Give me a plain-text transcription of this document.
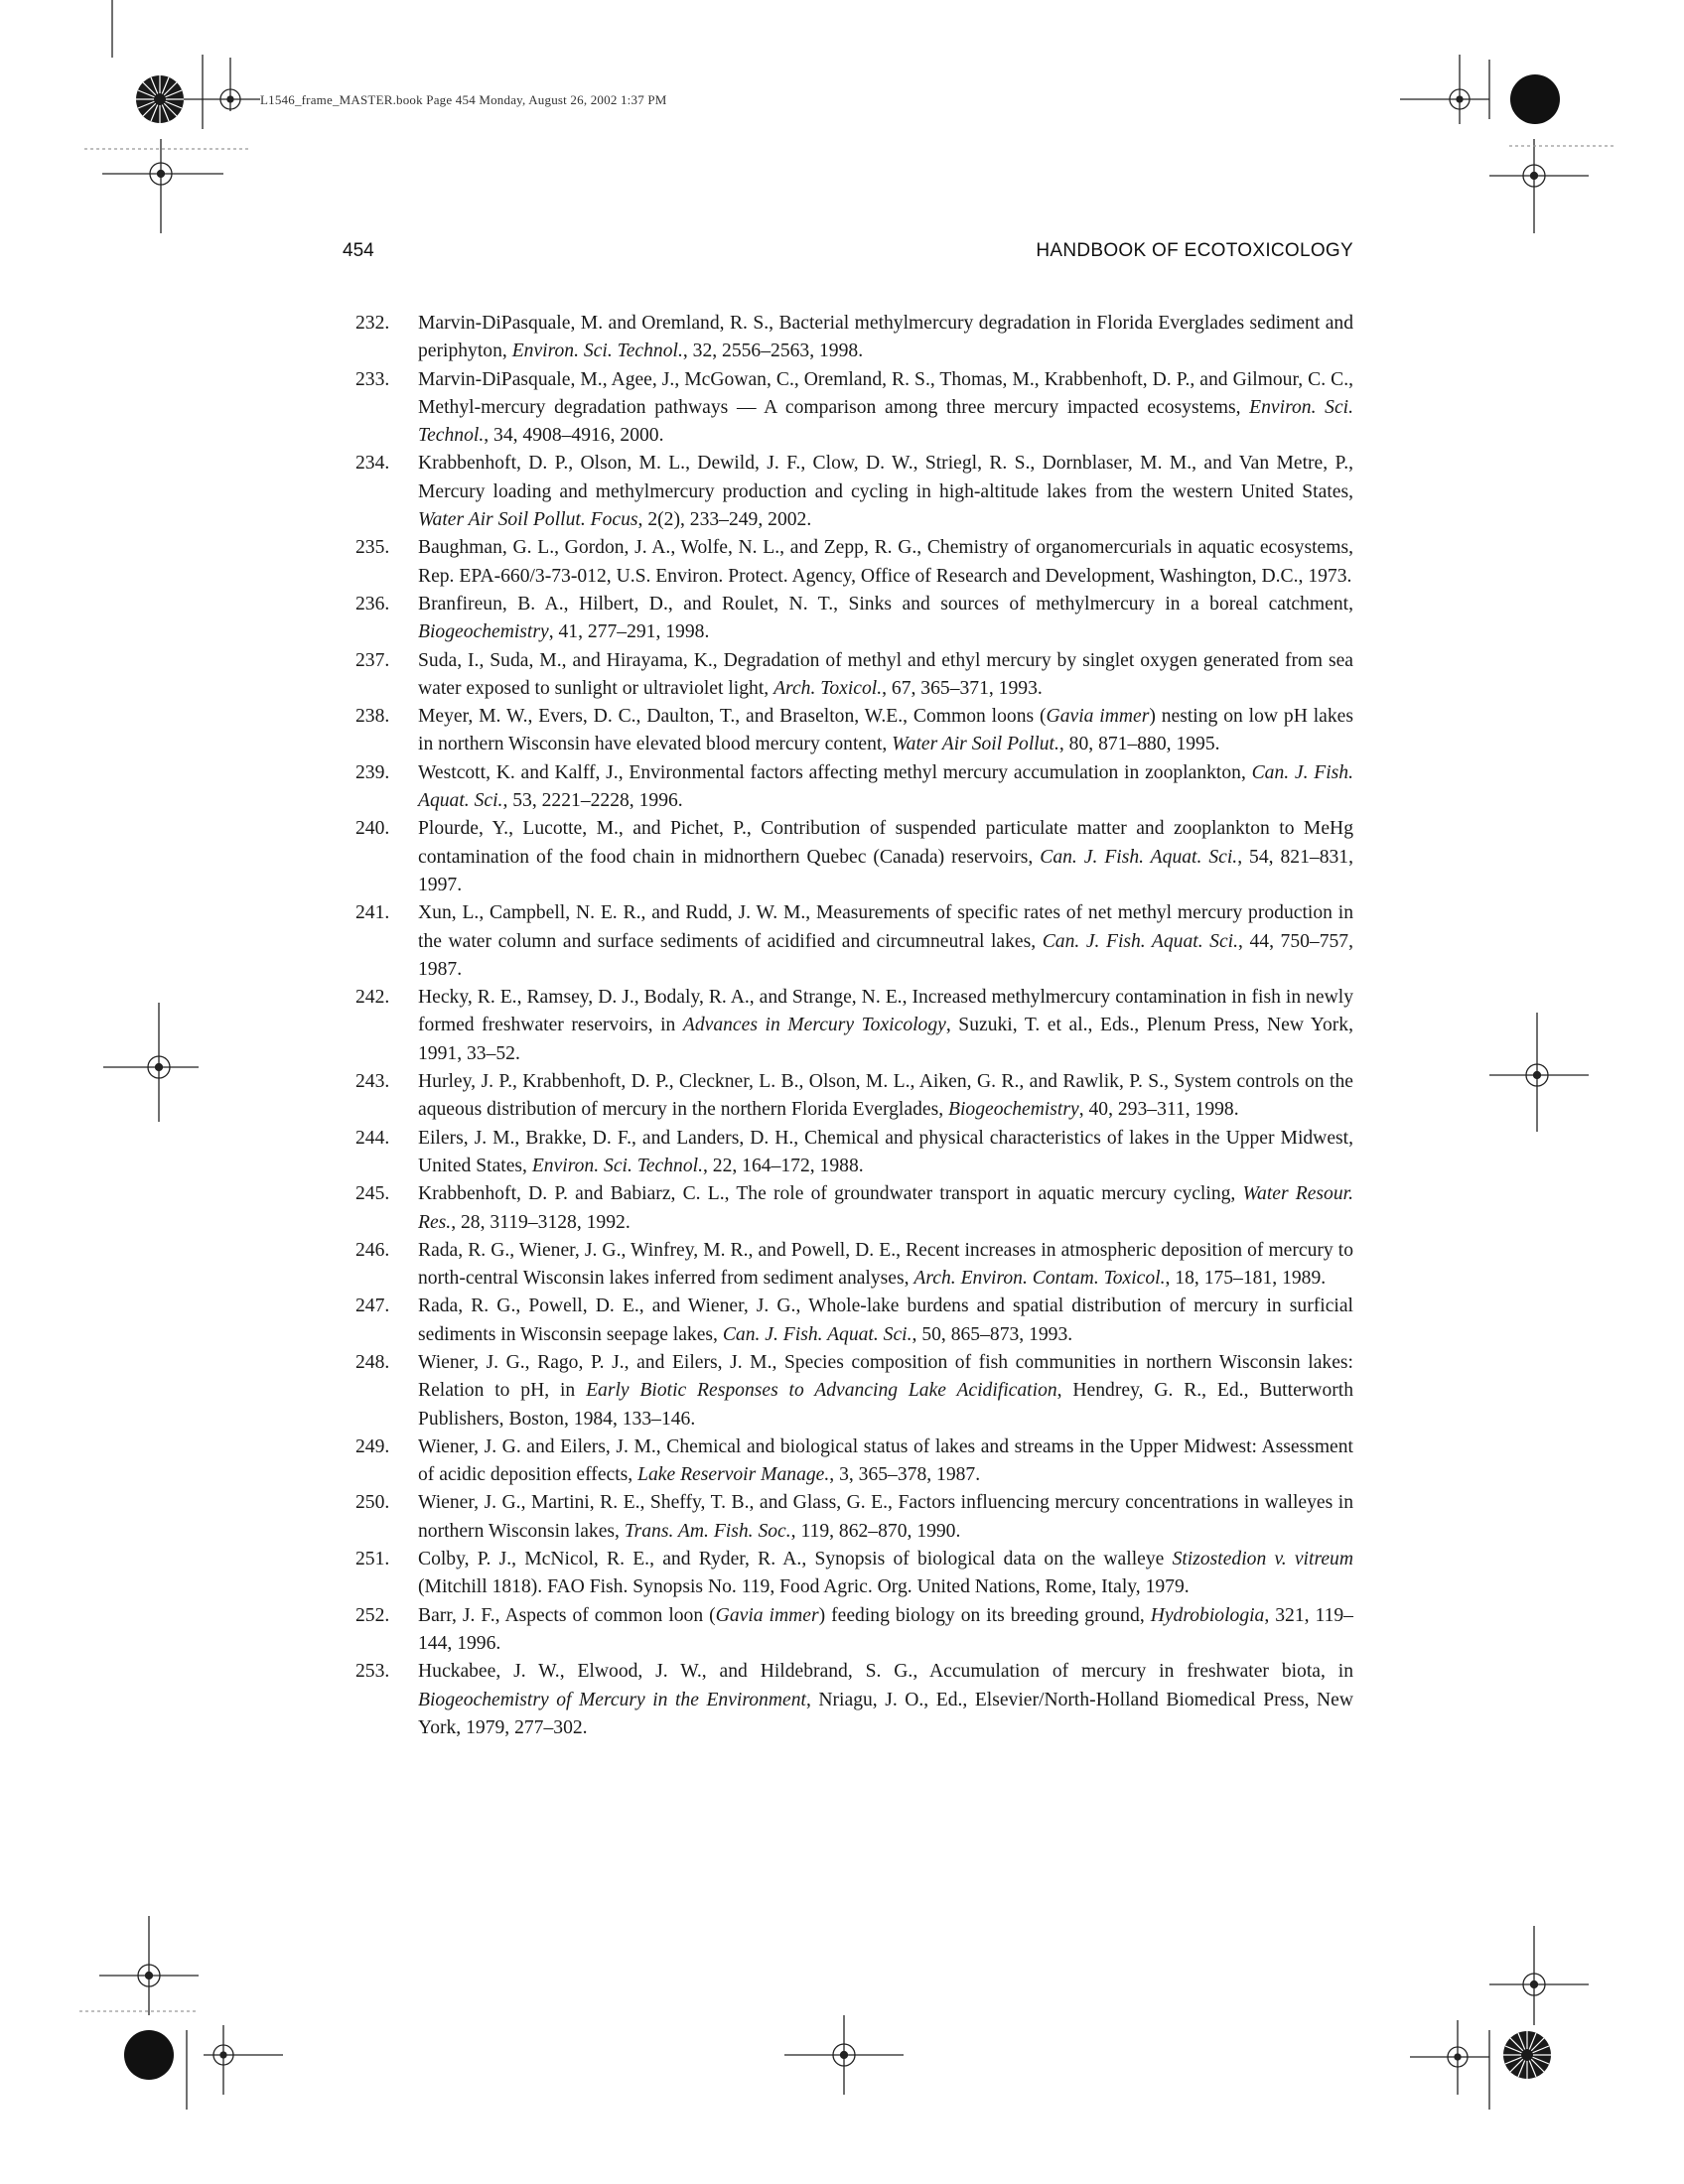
L1546_frame_MASTER.book Page 454 Monday, August 26, 2002 1:37 PM
454	HANDBOOK OF ECOTOXICOLOGY
232. Marvin-DiPasquale, M. and Oremland, R. S., Bacterial methylmercury degradation in Florida Everglades sediment and periphyton, Environ. Sci. Technol., 32, 2556–2563, 1998.
233. Marvin-DiPasquale, M., Agee, J., McGowan, C., Oremland, R. S., Thomas, M., Krabbenhoft, D. P., and Gilmour, C. C., Methyl-mercury degradation pathways — A comparison among three mercury impacted ecosystems, Environ. Sci. Technol., 34, 4908–4916, 2000.
234. Krabbenhoft, D. P., Olson, M. L., Dewild, J. F., Clow, D. W., Striegl, R. S., Dornblaser, M. M., and Van Metre, P., Mercury loading and methylmercury production and cycling in high-altitude lakes from the western United States, Water Air Soil Pollut. Focus, 2(2), 233–249, 2002.
235. Baughman, G. L., Gordon, J. A., Wolfe, N. L., and Zepp, R. G., Chemistry of organomercurials in aquatic ecosystems, Rep. EPA-660/3-73-012, U.S. Environ. Protect. Agency, Office of Research and Development, Washington, D.C., 1973.
236. Branfireun, B. A., Hilbert, D., and Roulet, N. T., Sinks and sources of methylmercury in a boreal catchment, Biogeochemistry, 41, 277–291, 1998.
237. Suda, I., Suda, M., and Hirayama, K., Degradation of methyl and ethyl mercury by singlet oxygen generated from sea water exposed to sunlight or ultraviolet light, Arch. Toxicol., 67, 365–371, 1993.
238. Meyer, M. W., Evers, D. C., Daulton, T., and Braselton, W.E., Common loons (Gavia immer) nesting on low pH lakes in northern Wisconsin have elevated blood mercury content, Water Air Soil Pollut., 80, 871–880, 1995.
239. Westcott, K. and Kalff, J., Environmental factors affecting methyl mercury accumulation in zooplankton, Can. J. Fish. Aquat. Sci., 53, 2221–2228, 1996.
240. Plourde, Y., Lucotte, M., and Pichet, P., Contribution of suspended particulate matter and zooplankton to MeHg contamination of the food chain in midnorthern Quebec (Canada) reservoirs, Can. J. Fish. Aquat. Sci., 54, 821–831, 1997.
241. Xun, L., Campbell, N. E. R., and Rudd, J. W. M., Measurements of specific rates of net methyl mercury production in the water column and surface sediments of acidified and circumneutral lakes, Can. J. Fish. Aquat. Sci., 44, 750–757, 1987.
242. Hecky, R. E., Ramsey, D. J., Bodaly, R. A., and Strange, N. E., Increased methylmercury contamination in fish in newly formed freshwater reservoirs, in Advances in Mercury Toxicology, Suzuki, T. et al., Eds., Plenum Press, New York, 1991, 33–52.
243. Hurley, J. P., Krabbenhoft, D. P., Cleckner, L. B., Olson, M. L., Aiken, G. R., and Rawlik, P. S., System controls on the aqueous distribution of mercury in the northern Florida Everglades, Biogeochemistry, 40, 293–311, 1998.
244. Eilers, J. M., Brakke, D. F., and Landers, D. H., Chemical and physical characteristics of lakes in the Upper Midwest, United States, Environ. Sci. Technol., 22, 164–172, 1988.
245. Krabbenhoft, D. P. and Babiarz, C. L., The role of groundwater transport in aquatic mercury cycling, Water Resour. Res., 28, 3119–3128, 1992.
246. Rada, R. G., Wiener, J. G., Winfrey, M. R., and Powell, D. E., Recent increases in atmospheric deposition of mercury to north-central Wisconsin lakes inferred from sediment analyses, Arch. Environ. Contam. Toxicol., 18, 175–181, 1989.
247. Rada, R. G., Powell, D. E., and Wiener, J. G., Whole-lake burdens and spatial distribution of mercury in surficial sediments in Wisconsin seepage lakes, Can. J. Fish. Aquat. Sci., 50, 865–873, 1993.
248. Wiener, J. G., Rago, P. J., and Eilers, J. M., Species composition of fish communities in northern Wisconsin lakes: Relation to pH, in Early Biotic Responses to Advancing Lake Acidification, Hendrey, G. R., Ed., Butterworth Publishers, Boston, 1984, 133–146.
249. Wiener, J. G. and Eilers, J. M., Chemical and biological status of lakes and streams in the Upper Midwest: Assessment of acidic deposition effects, Lake Reservoir Manage., 3, 365–378, 1987.
250. Wiener, J. G., Martini, R. E., Sheffy, T. B., and Glass, G. E., Factors influencing mercury concentrations in walleyes in northern Wisconsin lakes, Trans. Am. Fish. Soc., 119, 862–870, 1990.
251. Colby, P. J., McNicol, R. E., and Ryder, R. A., Synopsis of biological data on the walleye Stizostedion v. vitreum (Mitchill 1818). FAO Fish. Synopsis No. 119, Food Agric. Org. United Nations, Rome, Italy, 1979.
252. Barr, J. F., Aspects of common loon (Gavia immer) feeding biology on its breeding ground, Hydrobiologia, 321, 119–144, 1996.
253. Huckabee, J. W., Elwood, J. W., and Hildebrand, S. G., Accumulation of mercury in freshwater biota, in Biogeochemistry of Mercury in the Environment, Nriagu, J. O., Ed., Elsevier/North-Holland Biomedical Press, New York, 1979, 277–302.
